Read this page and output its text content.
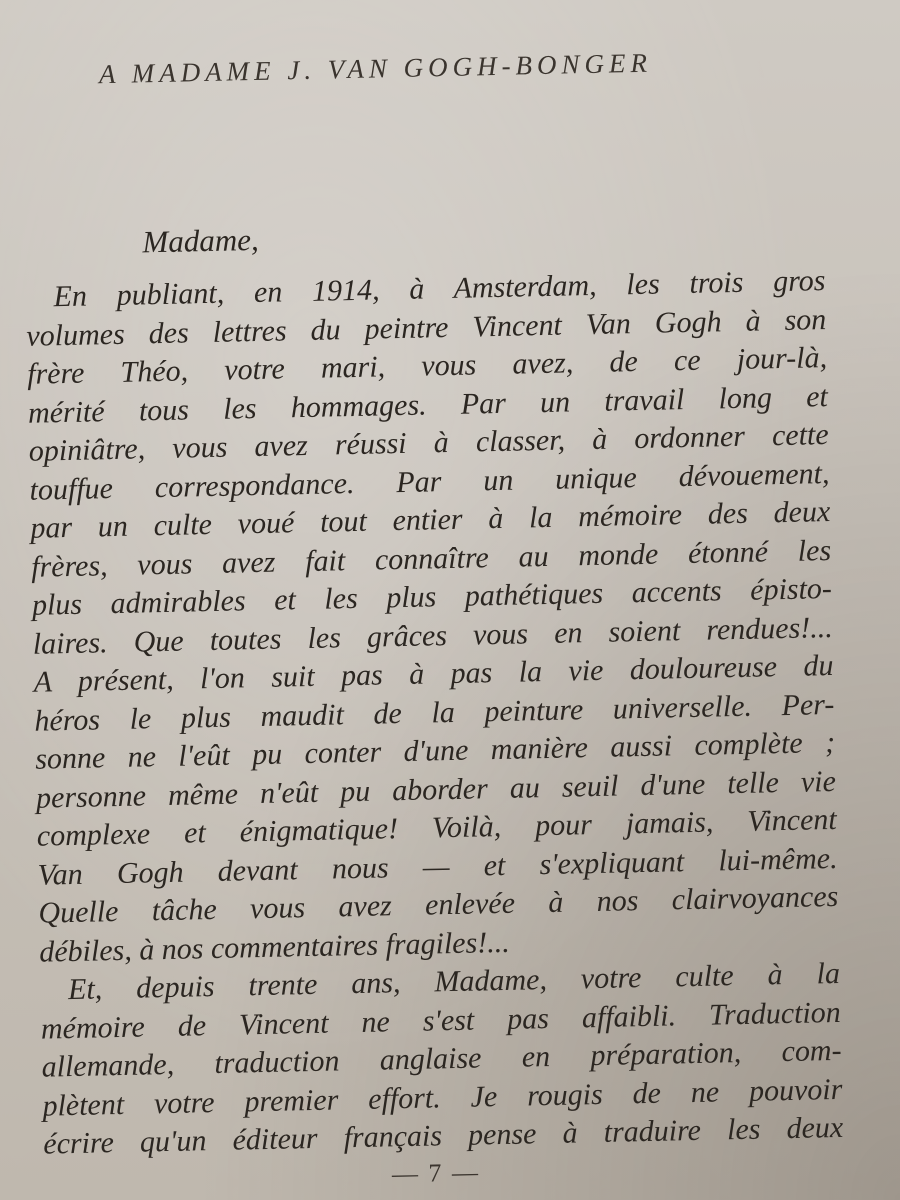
A MADAME J. VAN GOGH-BONGER
Madame,
En publiant, en 1914, à Amsterdam, les trois gros
volumes des lettres du peintre Vincent Van Gogh à son
frère Théo, votre mari, vous avez, de ce jour-là,
mérité tous les hommages. Par un travail long et
opiniâtre, vous avez réussi à classer, à ordonner cette
touffue correspondance. Par un unique dévouement,
par un culte voué tout entier à la mémoire des deux
frères, vous avez fait connaître au monde étonné les
plus admirables et les plus pathétiques accents épisto-
laires. Que toutes les grâces vous en soient rendues!...
A présent, l'on suit pas à pas la vie douloureuse du
héros le plus maudit de la peinture universelle. Per-
sonne ne l'eût pu conter d'une manière aussi complète ;
personne même n'eût pu aborder au seuil d'une telle vie
complexe et énigmatique! Voilà, pour jamais, Vincent
Van Gogh devant nous — et s'expliquant lui-même.
Quelle tâche vous avez enlevée à nos clairvoyances
débiles, à nos commentaires fragiles!...
Et, depuis trente ans, Madame, votre culte à la
mémoire de Vincent ne s'est pas affaibli. Traduction
allemande, traduction anglaise en préparation, com-
plètent votre premier effort. Je rougis de ne pouvoir
écrire qu'un éditeur français pense à traduire les deux
— 7 —
